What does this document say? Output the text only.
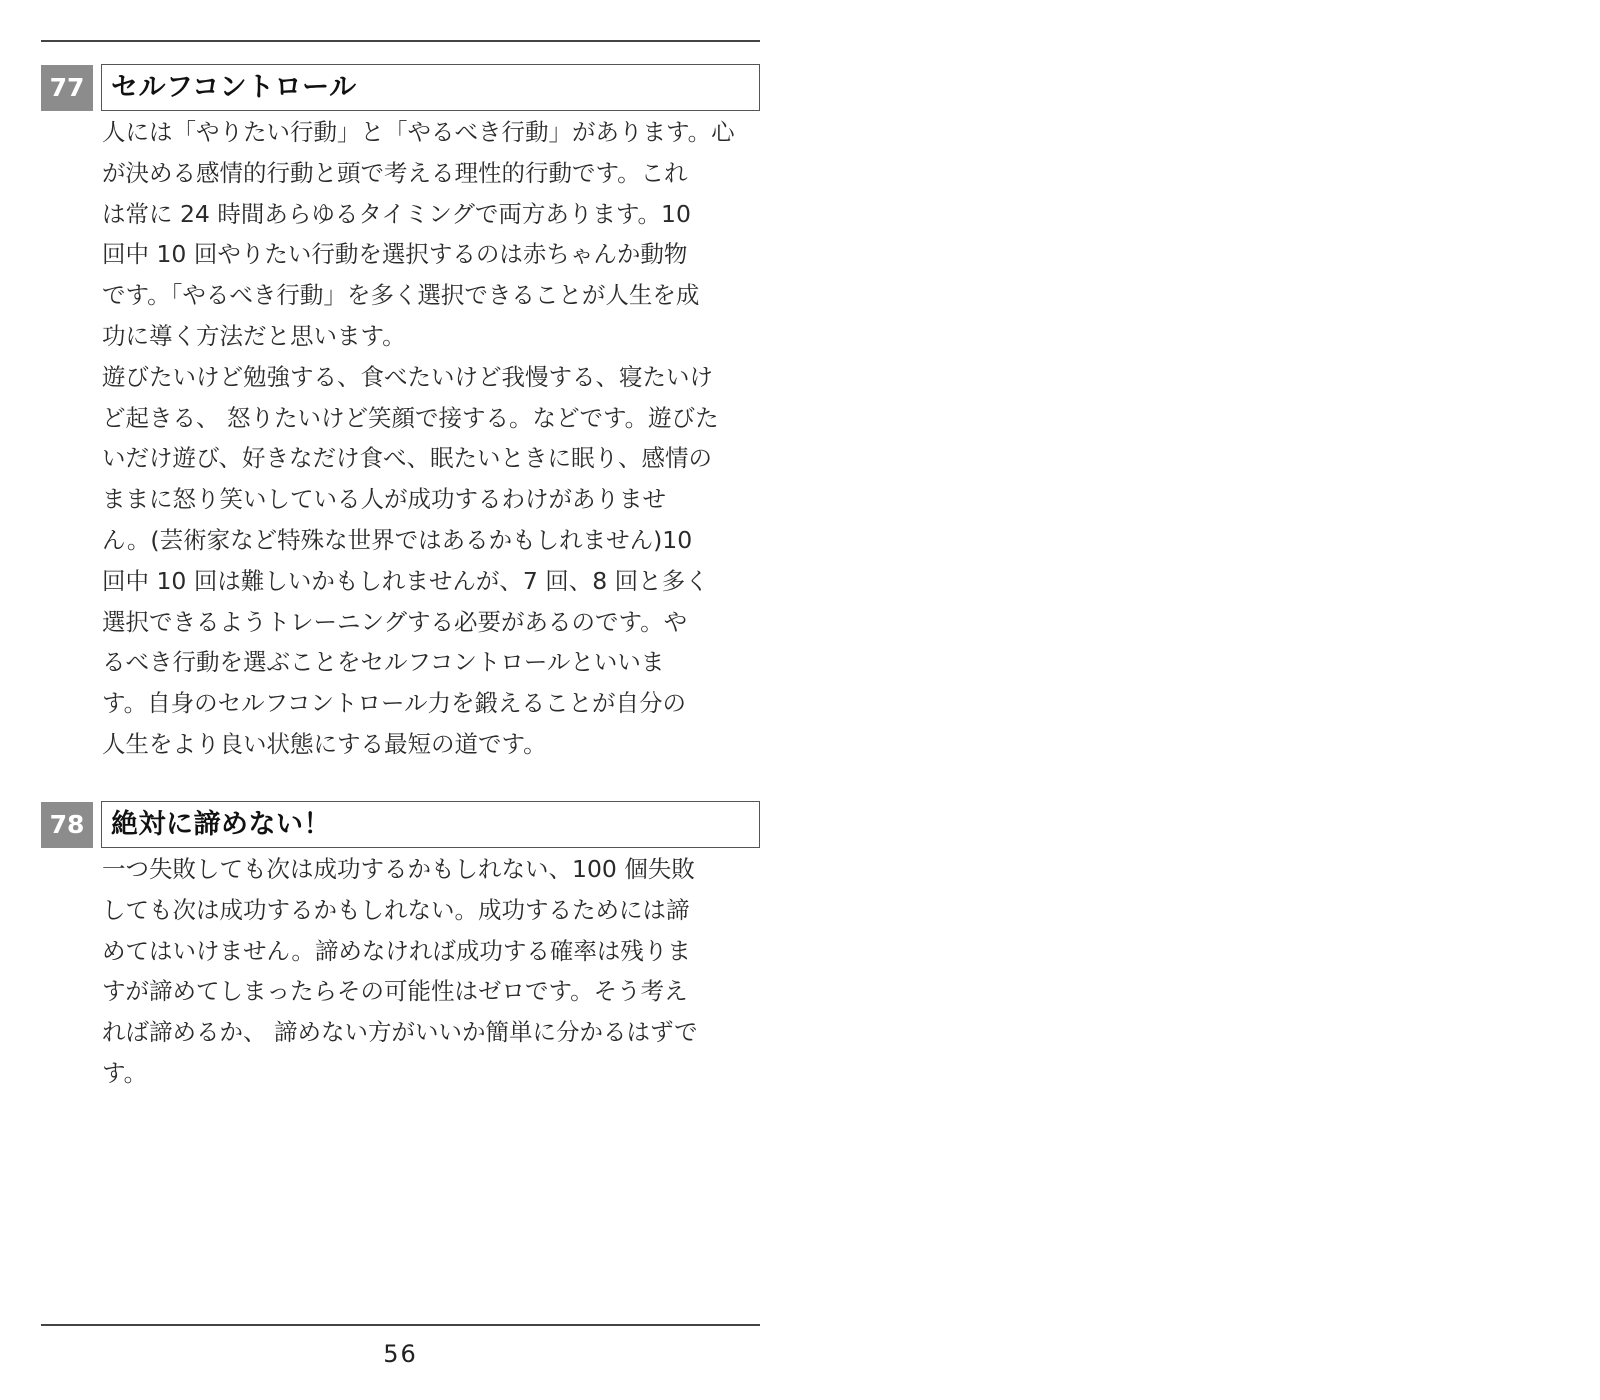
77 セルフコントロール

人には「やりたい行動」と「やるべき行動」があります。心
が決める感情的行動と頭で考える理性的行動です。これ
は常に 24 時間あらゆるタイミングで両方あります。10
回中 10 回やりたい行動を選択するのは赤ちゃんか動物
です。「やるべき行動」を多く選択できることが人生を成
功に導く方法だと思います。
遊びたいけど勉強する、食べたいけど我慢する、寝たいけ
ど起きる、 怒りたいけど笑顔で接する。などです。遊びた
いだけ遊び、好きなだけ食べ、眠たいときに眠り、感情の
ままに怒り笑いしている人が成功するわけがありませ
ん。(芸術家など特殊な世界ではあるかもしれません)10
回中 10 回は難しいかもしれませんが、7 回、8 回と多く
選択できるようトレーニングする必要があるのです。や
るべき行動を選ぶことをセルフコントロールといいま
す。自身のセルフコントロール力を鍛えることが自分の
人生をより良い状態にする最短の道です。

78 絶対に諦めない！

一つ失敗しても次は成功するかもしれない、100 個失敗
しても次は成功するかもしれない。成功するためには諦
めてはいけません。諦めなければ成功する確率は残りま
すが諦めてしまったらその可能性はゼロです。そう考え
れば諦めるか、 諦めない方がいいか簡単に分かるはずで
す。

56
